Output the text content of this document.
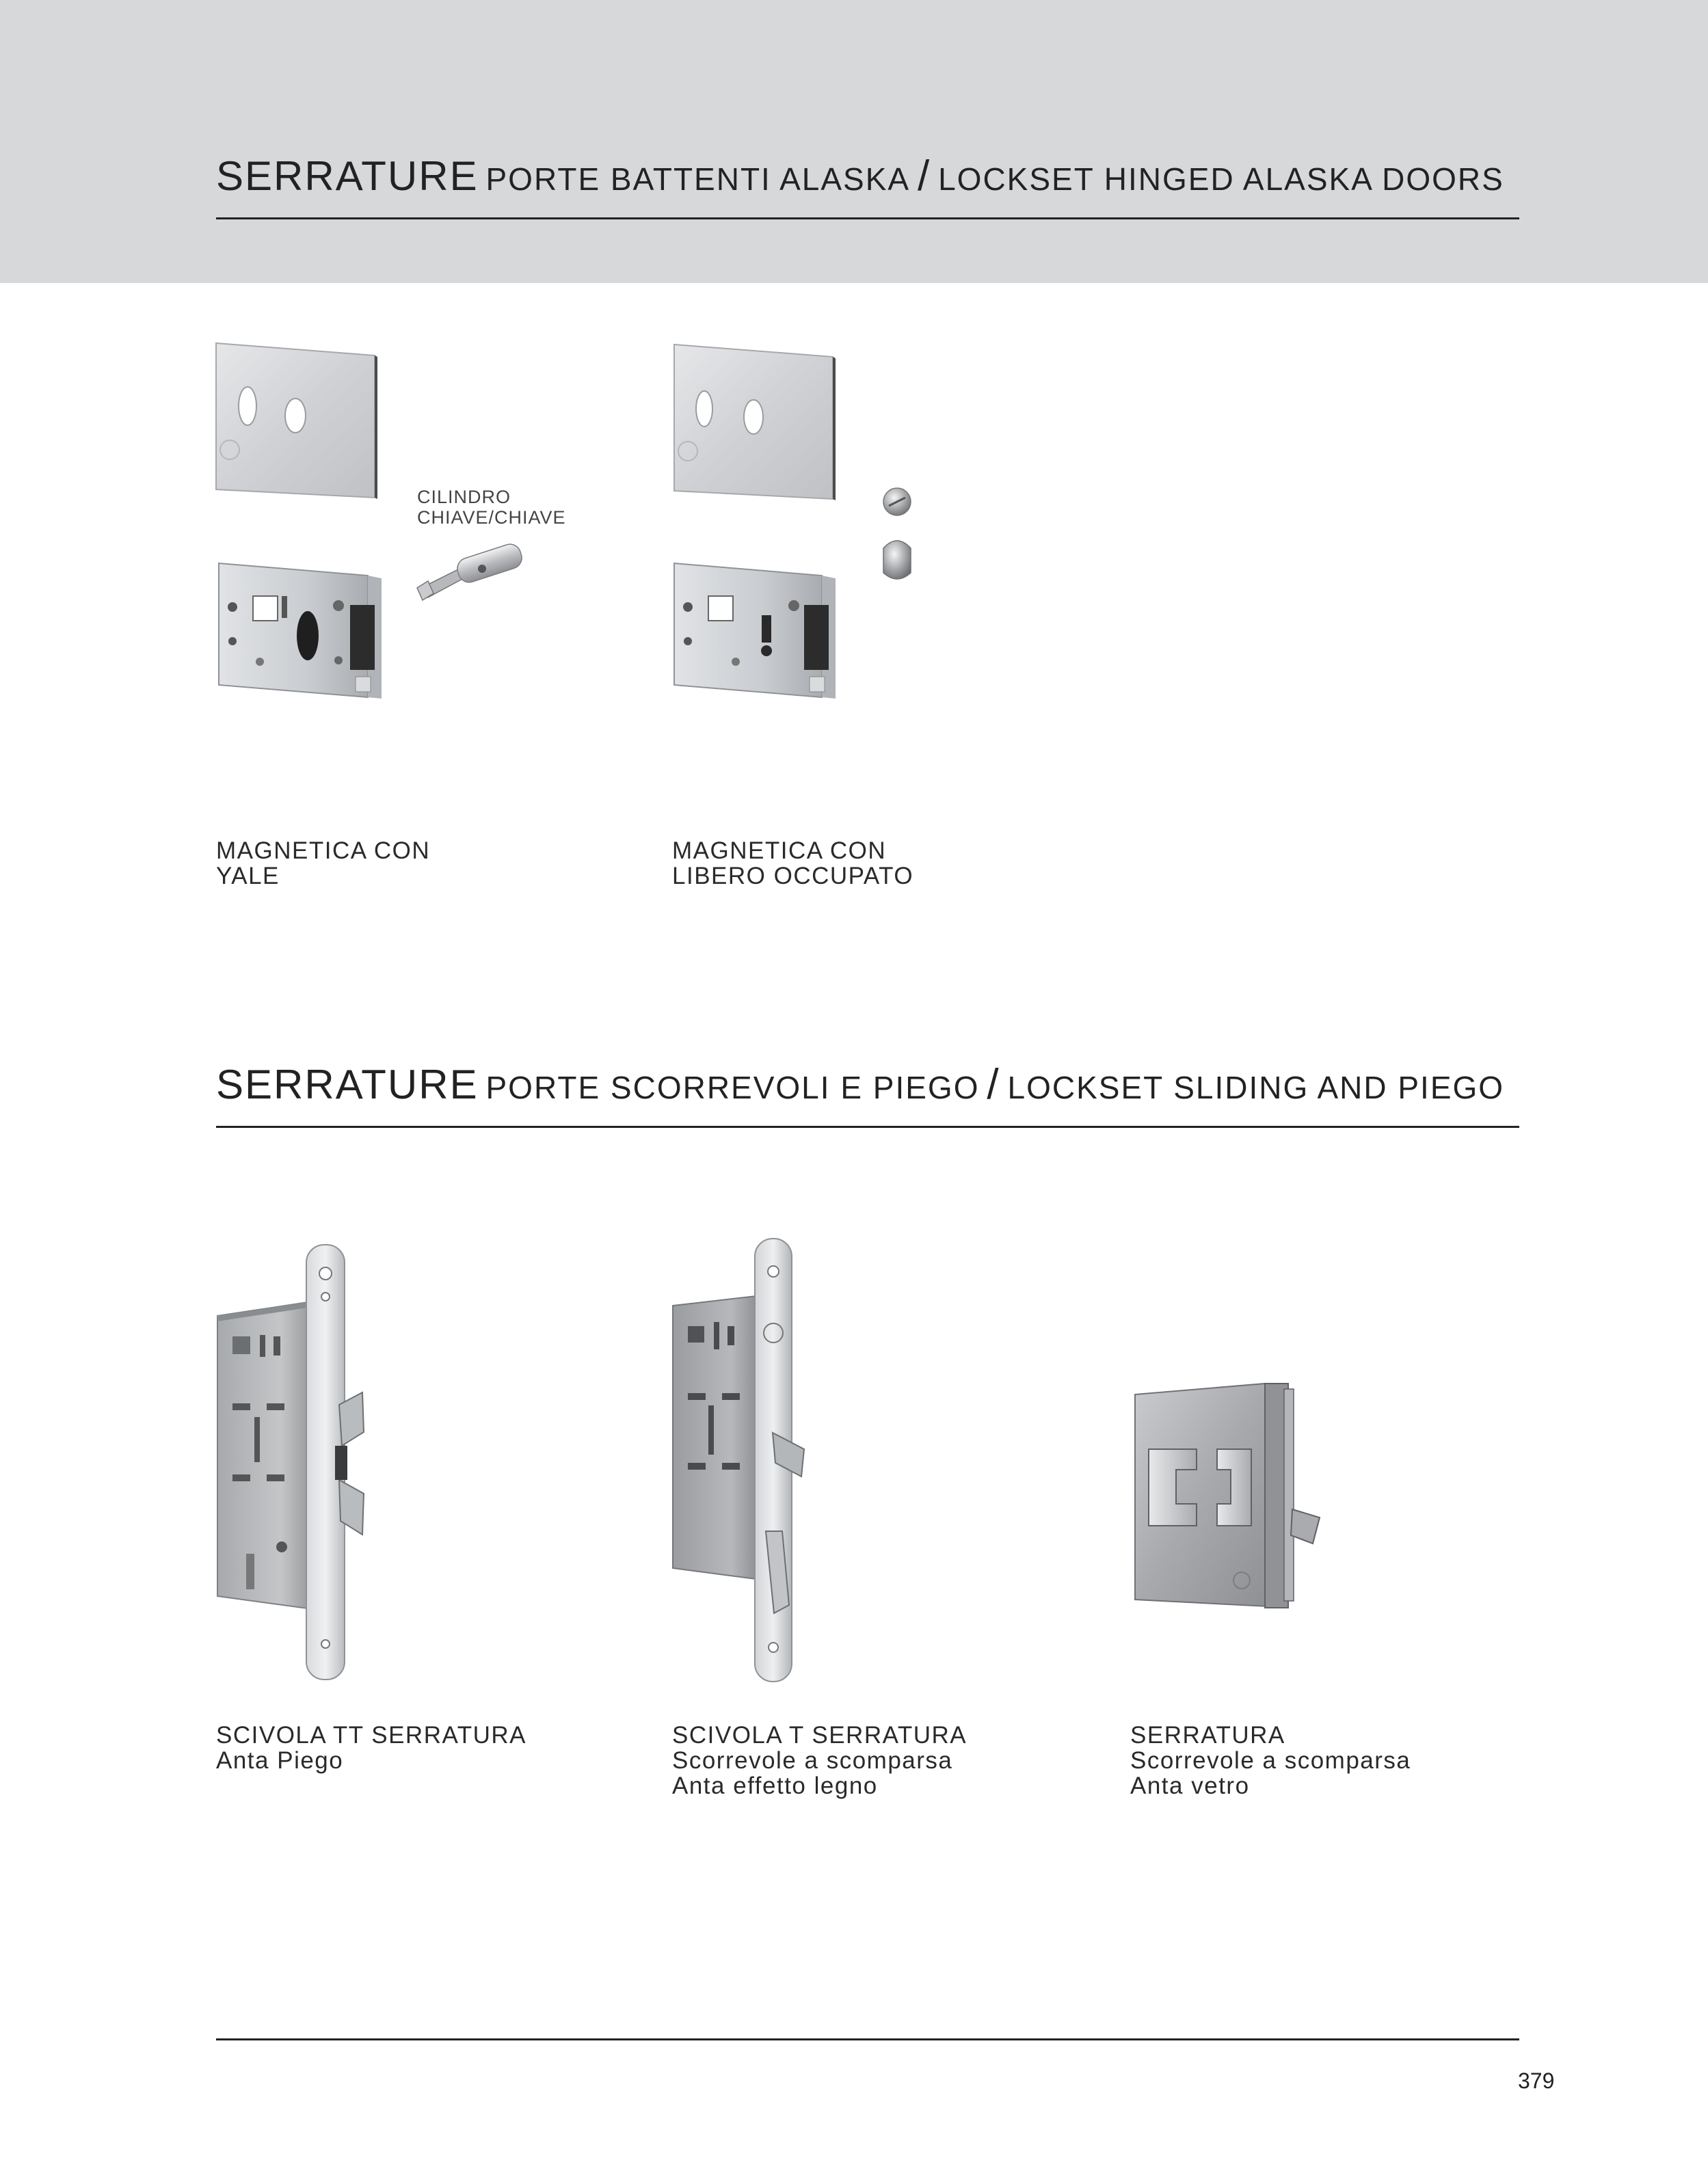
SERRATURE PORTE BATTENTI ALASKA / LOCKSET HINGED ALASKA DOORS
CILINDRO
CHIAVE/CHIAVE
MAGNETICA CON
YALE
MAGNETICA CON
LIBERO OCCUPATO
SERRATURE PORTE SCORREVOLI E PIEGO / LOCKSET SLIDING AND PIEGO
SCIVOLA TT SERRATURA
Anta Piego
SCIVOLA T SERRATURA
Scorrevole a scomparsa
Anta effetto legno
SERRATURA
Scorrevole a scomparsa
Anta vetro
379
